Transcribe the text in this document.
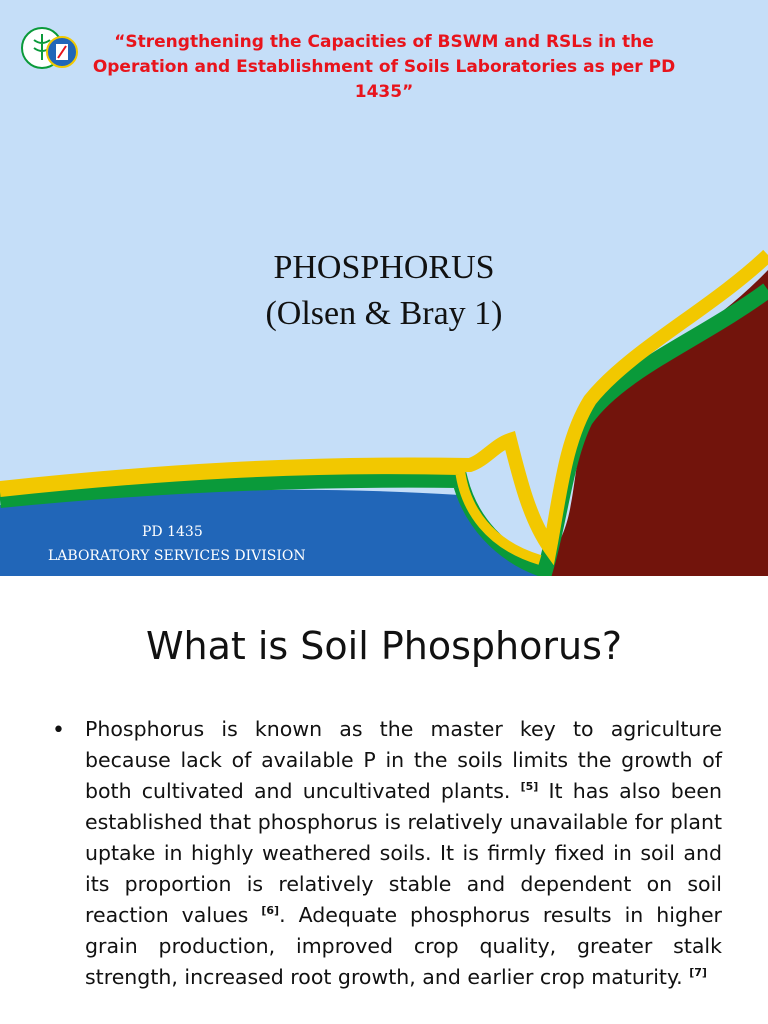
“Strengthening the Capacities of BSWM and RSLs in the Operation and Establishment of Soils Laboratories as per PD 1435”
PHOSPHORUS
(Olsen & Bray 1)
PD 1435
LABORATORY SERVICES DIVISION
What is Soil Phosphorus?
• Phosphorus is known as the master key to agriculture because lack of available P in the soils limits the growth of both cultivated and uncultivated plants. [5] It has also been established that phosphorus is relatively unavailable for plant uptake in highly weathered soils. It is firmly fixed in soil and its proportion is relatively stable and dependent on soil reaction values [6]. Adequate phosphorus results in higher grain production, improved crop quality, greater stalk strength, increased root growth, and earlier crop maturity. [7]
